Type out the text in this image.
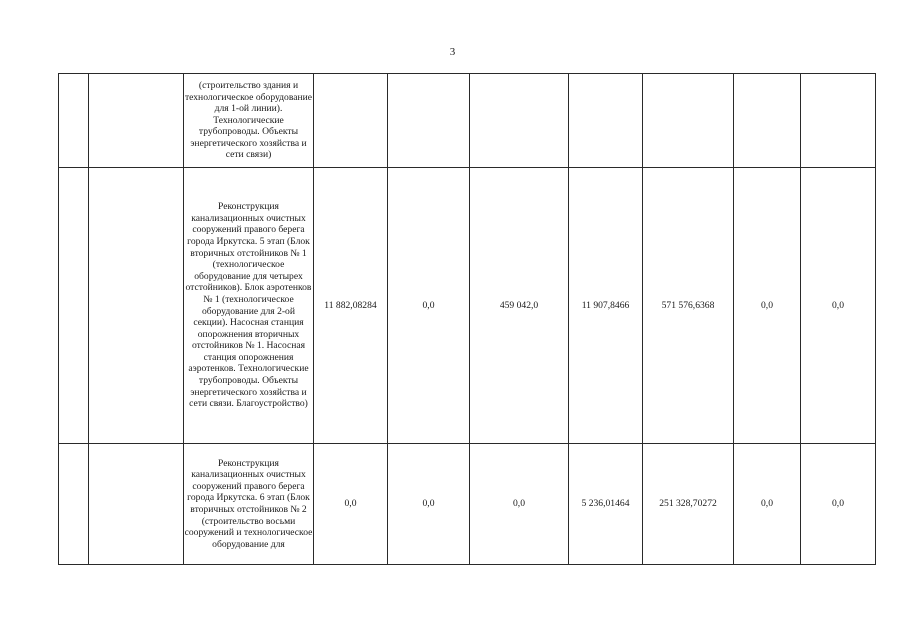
3
		(строительство здания и технологическое оборудование для 1-ой линии). Технологические трубопроводы. Объекты энергетического хозяйства и сети связи)							
		Реконструкция канализационных очистных сооружений правого берега города Иркутска. 5 этап (Блок вторичных отстойников № 1 (технологическое оборудование для четырех отстойников). Блок аэротенков № 1 (технологическое оборудование для 2-ой секции). Насосная станция опорожнения вторичных отстойников № 1. Насосная станция опорожнения аэротенков. Технологические трубопроводы. Объекты энергетического хозяйства и сети связи. Благоустройство)	11 882,08284	0,0	459 042,0	11 907,8466	571 576,6368	0,0	0,0
		Реконструкция канализационных очистных сооружений правого берега города Иркутска. 6 этап (Блок вторичных отстойников № 2 (строительство восьми сооружений и технологическое оборудование для	0,0	0,0	0,0	5 236,01464	251 328,70272	0,0	0,0
